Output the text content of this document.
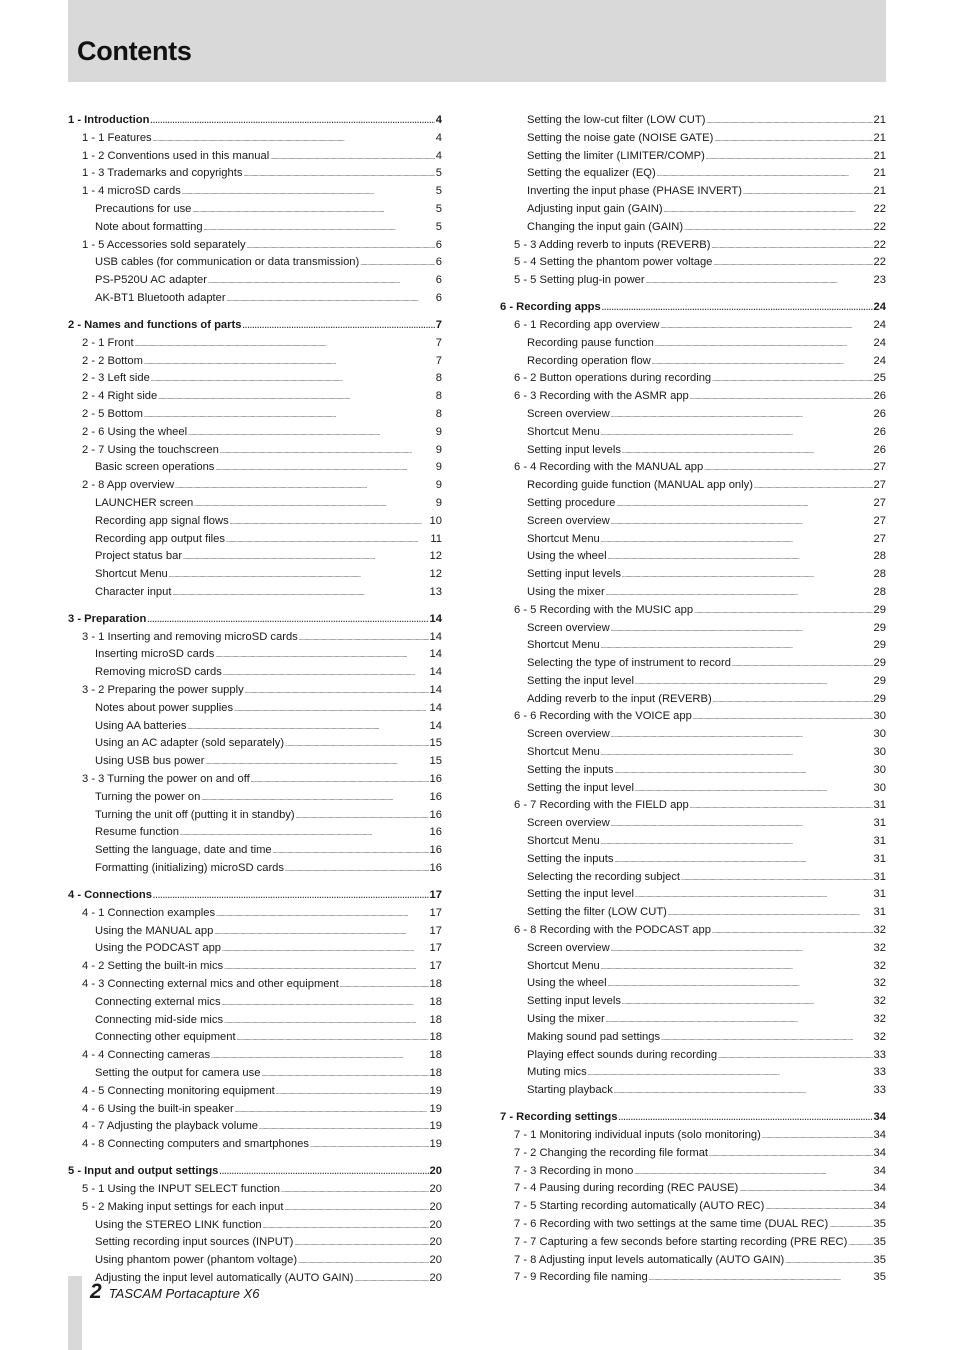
Contents
1 - Introduction . . .	4
1 - 1 Features . . .	4
1 - 2 Conventions used in this manual . . .	4
1 - 3 Trademarks and copyrights . . .	5
1 - 4 microSD cards . . .	5
Precautions for use . . .	5
Note about formatting . . .	5
1 - 5 Accessories sold separately . . .	6
USB cables (for communication or data transmission) . . .	6
PS-P520U AC adapter . . .	6
AK-BT1 Bluetooth adapter . . .	6
2 - Names and functions of parts . . .	7
2 - 1 Front . . .	7
2 - 2 Bottom . . .	7
2 - 3 Left side . . .	8
2 - 4 Right side . . .	8
2 - 5 Bottom . . .	8
2 - 6 Using the wheel . . .	9
2 - 7 Using the touchscreen . . .	9
Basic screen operations . . .	9
2 - 8 App overview . . .	9
LAUNCHER screen . . .	9
Recording app signal flows . . .	10
Recording app output files . . .	11
Project status bar . . .	12
Shortcut Menu . . .	12
Character input . . .	13
3 - Preparation . . .	14
3 - 1 Inserting and removing microSD cards . . .	14
Inserting microSD cards . . .	14
Removing microSD cards . . .	14
3 - 2 Preparing the power supply . . .	14
Notes about power supplies . . .	14
Using AA batteries . . .	14
Using an AC adapter (sold separately) . . .	15
Using USB bus power . . .	15
3 - 3 Turning the power on and off . . .	16
Turning the power on . . .	16
Turning the unit off (putting it in standby) . . .	16
Resume function . . .	16
Setting the language, date and time . . .	16
Formatting (initializing) microSD cards . . .	16
4 - Connections . . .	17
4 - 1 Connection examples . . .	17
Using the MANUAL app . . .	17
Using the PODCAST app . . .	17
4 - 2 Setting the built-in mics . . .	17
4 - 3 Connecting external mics and other equipment . . .	18
Connecting external mics . . .	18
Connecting mid-side mics . . .	18
Connecting other equipment . . .	18
4 - 4 Connecting cameras . . .	18
Setting the output for camera use . . .	18
4 - 5 Connecting monitoring equipment . . .	19
4 - 6 Using the built-in speaker . . .	19
4 - 7 Adjusting the playback volume . . .	19
4 - 8 Connecting computers and smartphones . . .	19
5 - Input and output settings . . .	20
5 - 1 Using the INPUT SELECT function . . .	20
5 - 2 Making input settings for each input . . .	20
Using the STEREO LINK function . . .	20
Setting recording input sources (INPUT) . . .	20
Using phantom power (phantom voltage) . . .	20
Adjusting the input level automatically (AUTO GAIN) . . .	20
Setting the low-cut filter (LOW CUT) . . .	21
Setting the noise gate (NOISE GATE) . . .	21
Setting the limiter (LIMITER/COMP) . . .	21
Setting the equalizer (EQ) . . .	21
Inverting the input phase (PHASE INVERT) . . .	21
Adjusting input gain (GAIN) . . .	22
Changing the input gain (GAIN) . . .	22
5 - 3 Adding reverb to inputs (REVERB) . . .	22
5 - 4 Setting the phantom power voltage . . .	22
5 - 5 Setting plug-in power . . .	23
6 - Recording apps . . .	24
6 - 1 Recording app overview . . .	24
Recording pause function . . .	24
Recording operation flow . . .	24
6 - 2 Button operations during recording . . .	25
6 - 3 Recording with the ASMR app . . .	26
Screen overview . . .	26
Shortcut Menu . . .	26
Setting input levels . . .	26
6 - 4 Recording with the MANUAL app . . .	27
Recording guide function (MANUAL app only) . . .	27
Setting procedure . . .	27
Screen overview . . .	27
Shortcut Menu . . .	27
Using the wheel . . .	28
Setting input levels . . .	28
Using the mixer . . .	28
6 - 5 Recording with the MUSIC app . . .	29
Screen overview . . .	29
Shortcut Menu . . .	29
Selecting the type of instrument to record . . .	29
Setting the input level . . .	29
Adding reverb to the input (REVERB) . . .	29
6 - 6 Recording with the VOICE app . . .	30
Screen overview . . .	30
Shortcut Menu . . .	30
Setting the inputs . . .	30
Setting the input level . . .	30
6 - 7 Recording with the FIELD app . . .	31
Screen overview . . .	31
Shortcut Menu . . .	31
Setting the inputs . . .	31
Selecting the recording subject . . .	31
Setting the input level . . .	31
Setting the filter (LOW CUT) . . .	31
6 - 8 Recording with the PODCAST app . . .	32
Screen overview . . .	32
Shortcut Menu . . .	32
Using the wheel . . .	32
Setting input levels . . .	32
Using the mixer . . .	32
Making sound pad settings . . .	32
Playing effect sounds during recording . . .	33
Muting mics . . .	33
Starting playback . . .	33
7 - Recording settings . . .	34
7 - 1 Monitoring individual inputs (solo monitoring) . . .	34
7 - 2 Changing the recording file format . . .	34
7 - 3 Recording in mono . . .	34
7 - 4 Pausing during recording (REC PAUSE) . . .	34
7 - 5 Starting recording automatically (AUTO REC) . . .	34
7 - 6 Recording with two settings at the same time (DUAL REC) . . .	35
7 - 7 Capturing a few seconds before starting recording (PRE REC) . . . 35
7 - 8 Adjusting input levels automatically (AUTO GAIN) . . .	35
7 - 9 Recording file naming . . .	35
2 TASCAM Portacapture X6
